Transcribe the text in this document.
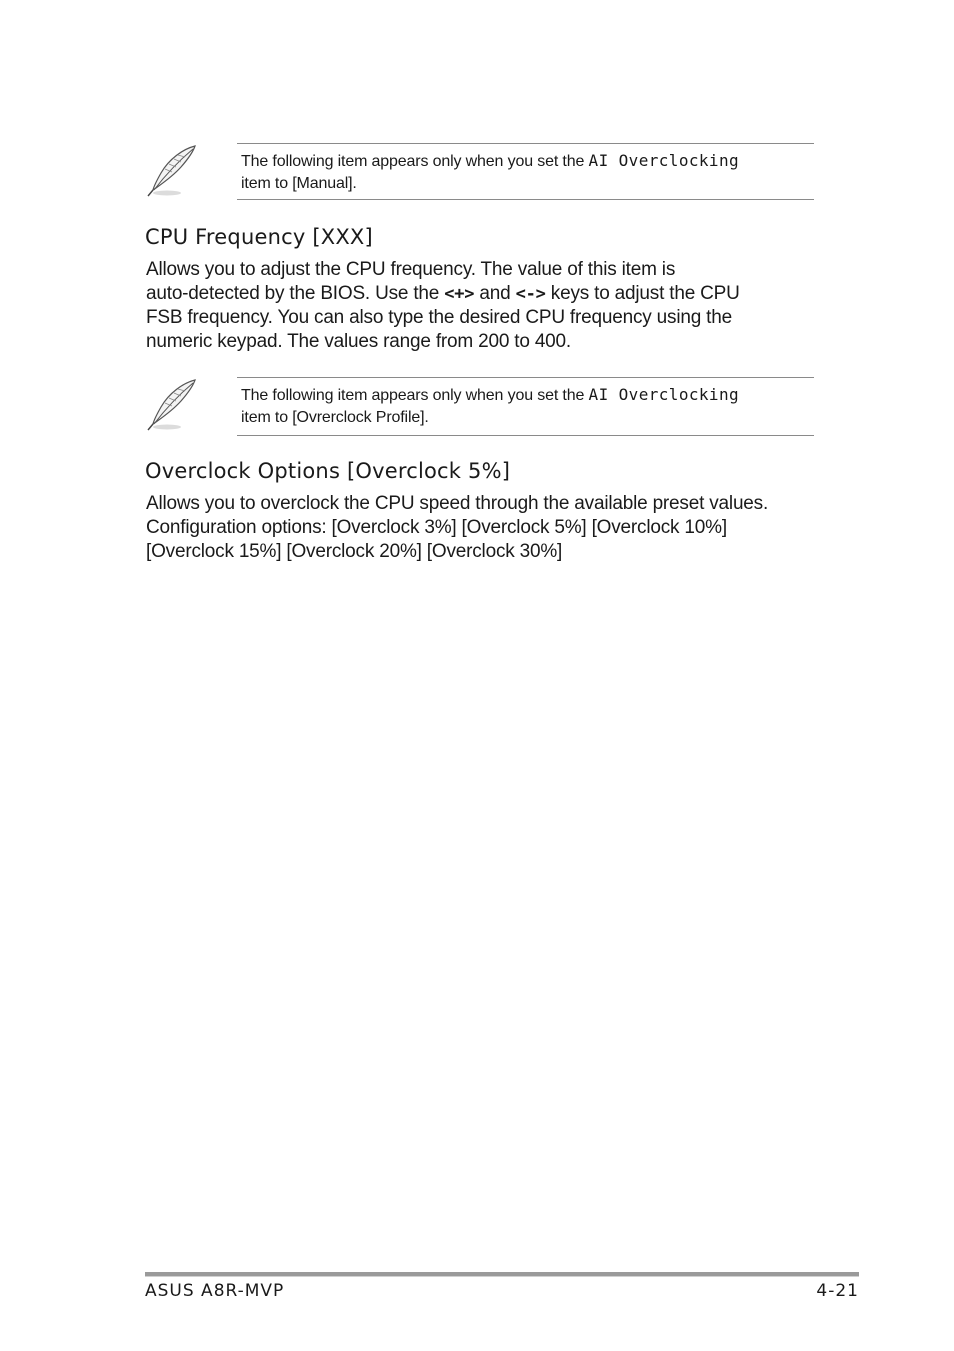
The following item appears only when you set the AI Overclocking
item to [Manual].
CPU Frequency [XXX]
Allows you to adjust the CPU frequency. The value of this item is
auto-detected by the BIOS. Use the <+> and <-> keys to adjust the CPU
FSB frequency. You can also type the desired CPU frequency using the
numeric keypad. The values range from 200 to 400.
The following item appears only when you set the AI Overclocking
item to [Ovrerclock Profile].
Overclock Options [Overclock 5%]
Allows you to overclock the CPU speed through the available preset values.
Configuration options: [Overclock 3%] [Overclock 5%] [Overclock 10%]
[Overclock 15%] [Overclock 20%] [Overclock 30%]
ASUS A8R-MVP	4-21
